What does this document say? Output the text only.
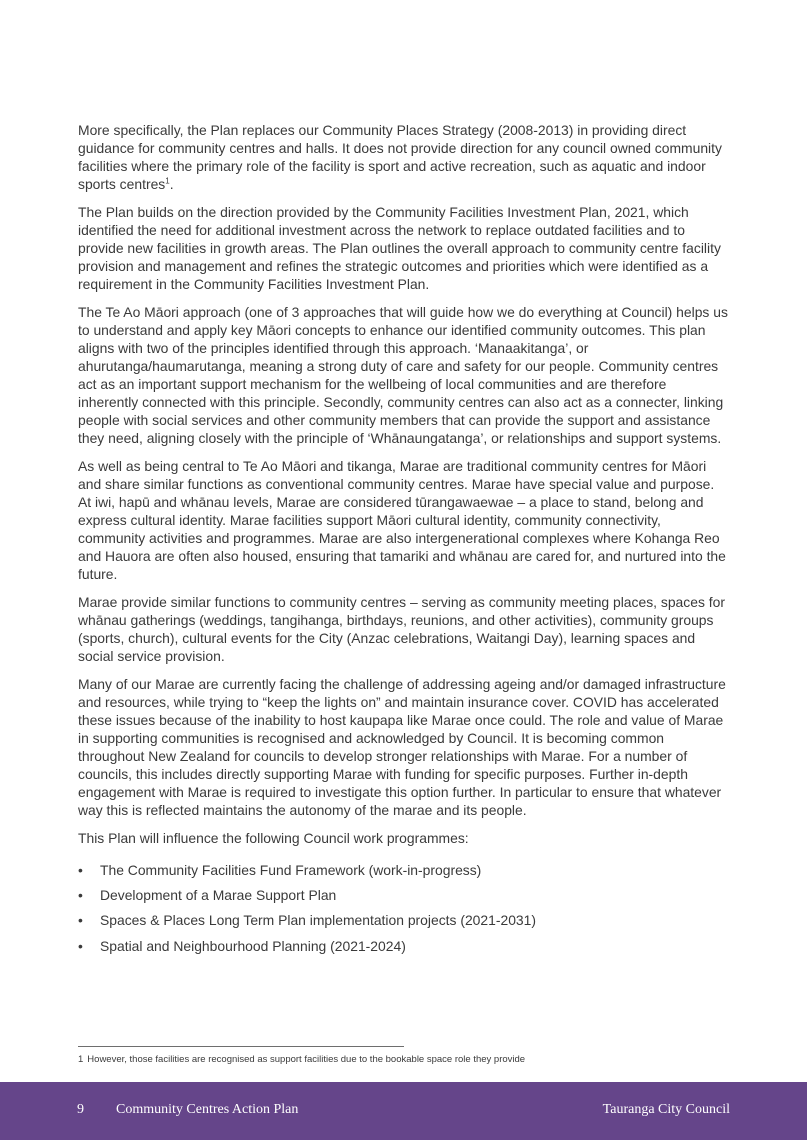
More specifically, the Plan replaces our Community Places Strategy (2008-2013) in providing direct guidance for community centres and halls. It does not provide direction for any council owned community facilities where the primary role of the facility is sport and active recreation, such as aquatic and indoor sports centres$^1$.

The Plan builds on the direction provided by the Community Facilities Investment Plan, 2021, which identified the need for additional investment across the network to replace outdated facilities and to provide new facilities in growth areas. The Plan outlines the overall approach to community centre facility provision and management and refines the strategic outcomes and priorities which were identified as a requirement in the Community Facilities Investment Plan.

The Te Ao Māori approach (one of 3 approaches that will guide how we do everything at Council) helps us to understand and apply key Māori concepts to enhance our identified community outcomes. This plan aligns with two of the principles identified through this approach. ‘Manaakitanga’, or ahurutanga/haumarutanga, meaning a strong duty of care and safety for our people. Community centres act as an important support mechanism for the wellbeing of local communities and are therefore inherently connected with this principle. Secondly, community centres can also act as a connecter, linking people with social services and other community members that can provide the support and assistance they need, aligning closely with the principle of ‘Whānaungatanga’, or relationships and support systems.

As well as being central to Te Ao Māori and tikanga, Marae are traditional community centres for Māori and share similar functions as conventional community centres. Marae have special value and purpose. At iwi, hapū and whānau levels, Marae are considered tūrangawaewae – a place to stand, belong and express cultural identity. Marae facilities support Māori cultural identity, community connectivity, community activities and programmes. Marae are also intergenerational complexes where Kohanga Reo and Hauora are often also housed, ensuring that tamariki and whānau are cared for, and nurtured into the future.

Marae provide similar functions to community centres – serving as community meeting places, spaces for whānau gatherings (weddings, tangihanga, birthdays, reunions, and other activities), community groups (sports, church), cultural events for the City (Anzac celebrations, Waitangi Day), learning spaces and social service provision.

Many of our Marae are currently facing the challenge of addressing ageing and/or damaged infrastructure and resources, while trying to “keep the lights on” and maintain insurance cover. COVID has accelerated these issues because of the inability to host kaupapa like Marae once could. The role and value of Marae in supporting communities is recognised and acknowledged by Council. It is becoming common throughout New Zealand for councils to develop stronger relationships with Marae. For a number of councils, this includes directly supporting Marae with funding for specific purposes. Further in-depth engagement with Marae is required to investigate this option further. In particular to ensure that whatever way this is reflected maintains the autonomy of the marae and its people.

This Plan will influence the following Council work programmes:

• The Community Facilities Fund Framework (work-in-progress)
• Development of a Marae Support Plan
• Spaces & Places Long Term Plan implementation projects (2021-2031)
• Spatial and Neighbourhood Planning (2021-2024)
1 However, those facilities are recognised as support facilities due to the bookable space role they provide
9 Community Centres Action Plan	Tauranga City Council
